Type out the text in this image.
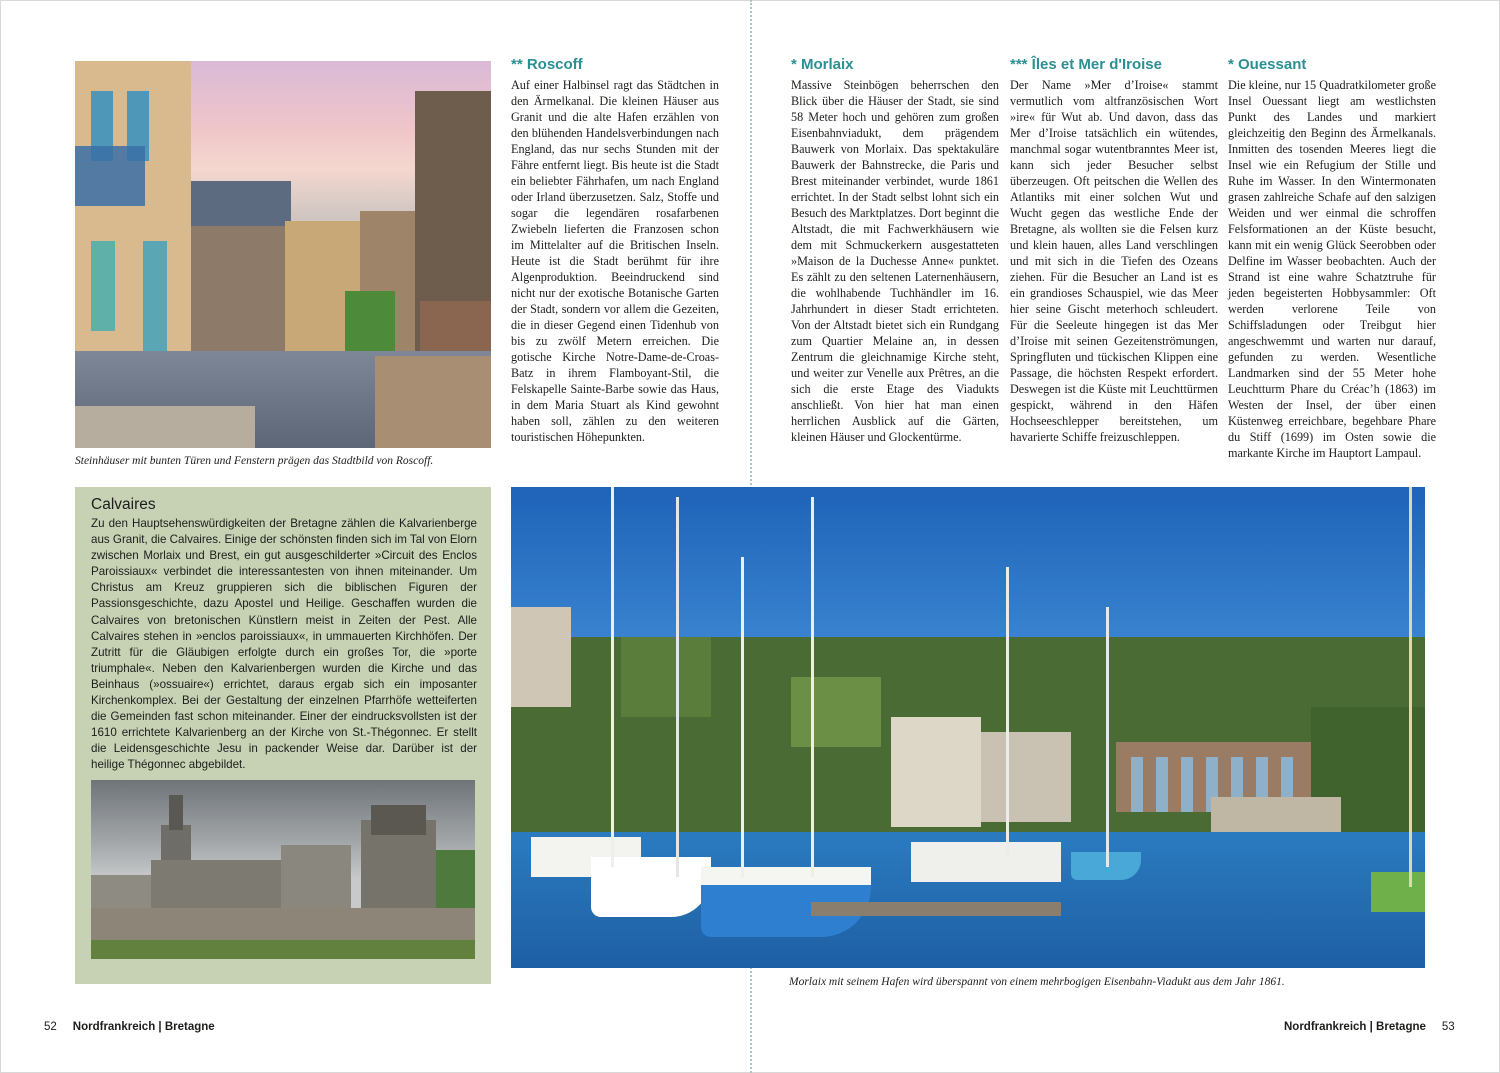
Steinhäuser mit bunten Türen und Fenstern prägen das Stadtbild von Roscoff.
** Roscoff

Auf einer Halbinsel ragt das Städtchen in den Ärmelkanal. Die kleinen Häuser aus Granit und die alte Hafen erzählen von den blühenden Handelsverbindungen nach England, das nur sechs Stunden mit der Fähre entfernt liegt. Bis heute ist die Stadt ein beliebter Fährhafen, um nach England oder Irland überzusetzen. Salz, Stoffe und sogar die legendären rosafarbenen Zwiebeln lieferten die Franzosen schon im Mittelalter auf die Britischen Inseln. Heute ist die Stadt berühmt für ihre Algenproduktion. Beeindruckend sind nicht nur der exotische Botanische Garten der Stadt, sondern vor allem die Gezeiten, die in dieser Gegend einen Tidenhub von bis zu zwölf Metern erreichen. Die gotische Kirche Notre-Dame-de-Croas-Batz in ihrem Flamboyant-Stil, die Felskapelle Sainte-Barbe sowie das Haus, in dem Maria Stuart als Kind gewohnt haben soll, zählen zu den weiteren touristischen Höhepunkten.

Calvaires

Zu den Hauptsehenswürdigkeiten der Bretagne zählen die Kalvarienberge aus Granit, die Calvaires. Einige der schönsten finden sich im Tal von Elorn zwischen Morlaix und Brest, ein gut ausgeschilderter »Circuit des Enclos Paroissiaux« verbindet die interessantesten von ihnen miteinander. Um Christus am Kreuz gruppieren sich die biblischen Figuren der Passionsgeschichte, dazu Apostel und Heilige. Geschaffen wurden die Calvaires von bretonischen Künstlern meist in Zeiten der Pest. Alle Calvaires stehen in »enclos paroissiaux«, in ummauerten Kirchhöfen. Der Zutritt für die Gläubigen erfolgte durch ein großes Tor, die »porte triumphale«. Neben den Kalvarienbergen wurden die Kirche und das Beinhaus (»ossuaire«) errichtet, daraus ergab sich ein imposanter Kirchenkomplex. Bei der Gestaltung der einzelnen Pfarrhöfe wetteiferten die Gemeinden fast schon miteinander. Einer der eindrucksvollsten ist der 1610 errichtete Kalvarienberg an der Kirche von St.-Thégonnec. Er stellt die Leidensgeschichte Jesu in packender Weise dar. Darüber ist der heilige Thégonnec abgebildet.

52 Nordfrankreich | Bretagne
* Morlaix

Massive Steinbögen beherrschen den Blick über die Häuser der Stadt, sie sind 58 Meter hoch und gehören zum großen Eisenbahnviadukt, dem prägendem Bauwerk von Morlaix. Das spektakuläre Bauwerk der Bahnstrecke, die Paris und Brest miteinander verbindet, wurde 1861 errichtet. In der Stadt selbst lohnt sich ein Besuch des Marktplatzes. Dort beginnt die Altstadt, die mit Fachwerkhäusern wie dem mit Schmuckerkern ausgestatteten »Maison de la Duchesse Anne« punktet. Es zählt zu den seltenen Laternenhäusern, die wohlhabende Tuchhändler im 16. Jahrhundert in dieser Stadt errichteten. Von der Altstadt bietet sich ein Rundgang zum Quartier Melaine an, in dessen Zentrum die gleichnamige Kirche steht, und weiter zur Venelle aux Prêtres, an die sich die erste Etage des Viadukts anschließt. Von hier hat man einen herrlichen Ausblick auf die Gärten, kleinen Häuser und Glockentürme.

*** Îles et Mer d'Iroise

Der Name »Mer d’Iroise« stammt vermutlich vom altfranzösischen Wort »ire« für Wut ab. Und davon, dass das Mer d’Iroise tatsächlich ein wütendes, manchmal sogar wutentbranntes Meer ist, kann sich jeder Besucher selbst überzeugen. Oft peitschen die Wellen des Atlantiks mit einer solchen Wut und Wucht gegen das westliche Ende der Bretagne, als wollten sie die Felsen kurz und klein hauen, alles Land verschlingen und mit sich in die Tiefen des Ozeans ziehen. Für die Besucher an Land ist es ein grandioses Schauspiel, wie das Meer hier seine Gischt meterhoch schleudert. Für die Seeleute hingegen ist das Mer d’Iroise mit seinen Gezeitenströmungen, Springfluten und tückischen Klippen eine Passage, die höchsten Respekt erfordert. Deswegen ist die Küste mit Leuchttürmen gespickt, während in den Häfen Hochseeschlepper bereitstehen, um havarierte Schiffe freizuschleppen.

* Ouessant

Die kleine, nur 15 Quadratkilometer große Insel Ouessant liegt am westlichsten Punkt des Landes und markiert gleichzeitig den Beginn des Ärmelkanals. Inmitten des tosenden Meeres liegt die Insel wie ein Refugium der Stille und Ruhe im Wasser. In den Wintermonaten grasen zahlreiche Schafe auf den salzigen Weiden und wer einmal die schroffen Felsformationen an der Küste besucht, kann mit ein wenig Glück Seerobben oder Delfine im Wasser beobachten. Auch der Strand ist eine wahre Schatztruhe für jeden begeisterten Hobbysammler: Oft werden verlorene Teile von Schiffsladungen oder Treibgut hier angeschwemmt und warten nur darauf, gefunden zu werden. Wesentliche Landmarken sind der 55 Meter hohe Leuchtturm Phare du Créac’h (1863) im Westen der Insel, der über einen Küstenweg erreichbare, begehbare Phare du Stiff (1699) im Osten sowie die markante Kirche im Hauptort Lampaul.

Morlaix mit seinem Hafen wird überspannt von einem mehrbogigen Eisenbahn-Viadukt aus dem Jahr 1861.
Nordfrankreich | Bretagne 53
